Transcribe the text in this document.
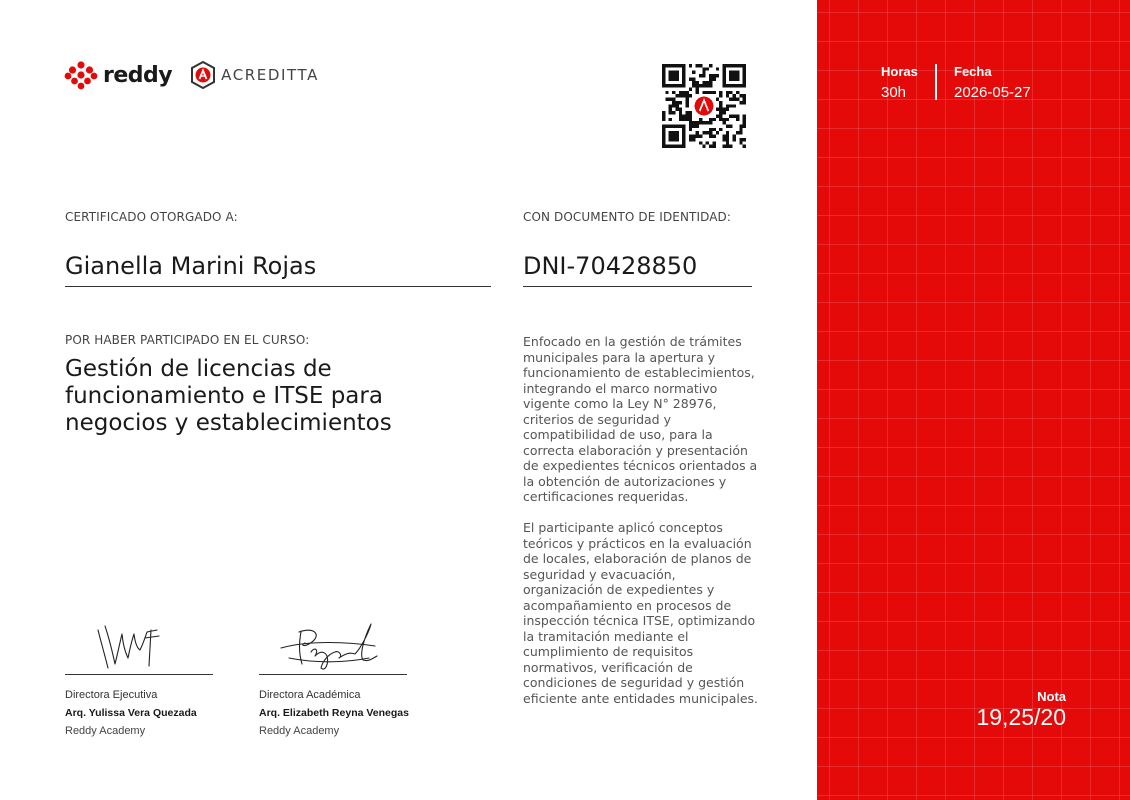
reddy	ACREDITTA
CERTIFICADO OTORGADO A:
Gianella Marini Rojas
CON DOCUMENTO DE IDENTIDAD:
DNI-70428850
POR HABER PARTICIPADO EN EL CURSO:
Gestión de licencias de funcionamiento e ITSE para negocios y establecimientos
Enfocado en la gestión de trámites municipales para la apertura y funcionamiento de establecimientos, integrando el marco normativo vigente como la Ley N° 28976, criterios de seguridad y compatibilidad de uso, para la correcta elaboración y presentación de expedientes técnicos orientados a la obtención de autorizaciones y certificaciones requeridas.
El participante aplicó conceptos teóricos y prácticos en la evaluación de locales, elaboración de planos de seguridad y evacuación, organización de expedientes y acompañamiento en procesos de inspección técnica ITSE, optimizando la tramitación mediante el cumplimiento de requisitos normativos, verificación de condiciones de seguridad y gestión eficiente ante entidades municipales.
Directora Ejecutiva
Arq. Yulissa Vera Quezada
Reddy Academy
Directora Académica
Arq. Elizabeth Reyna Venegas
Reddy Academy
Horas
30h
Fecha
2026-05-27
Nota
19,25/20
